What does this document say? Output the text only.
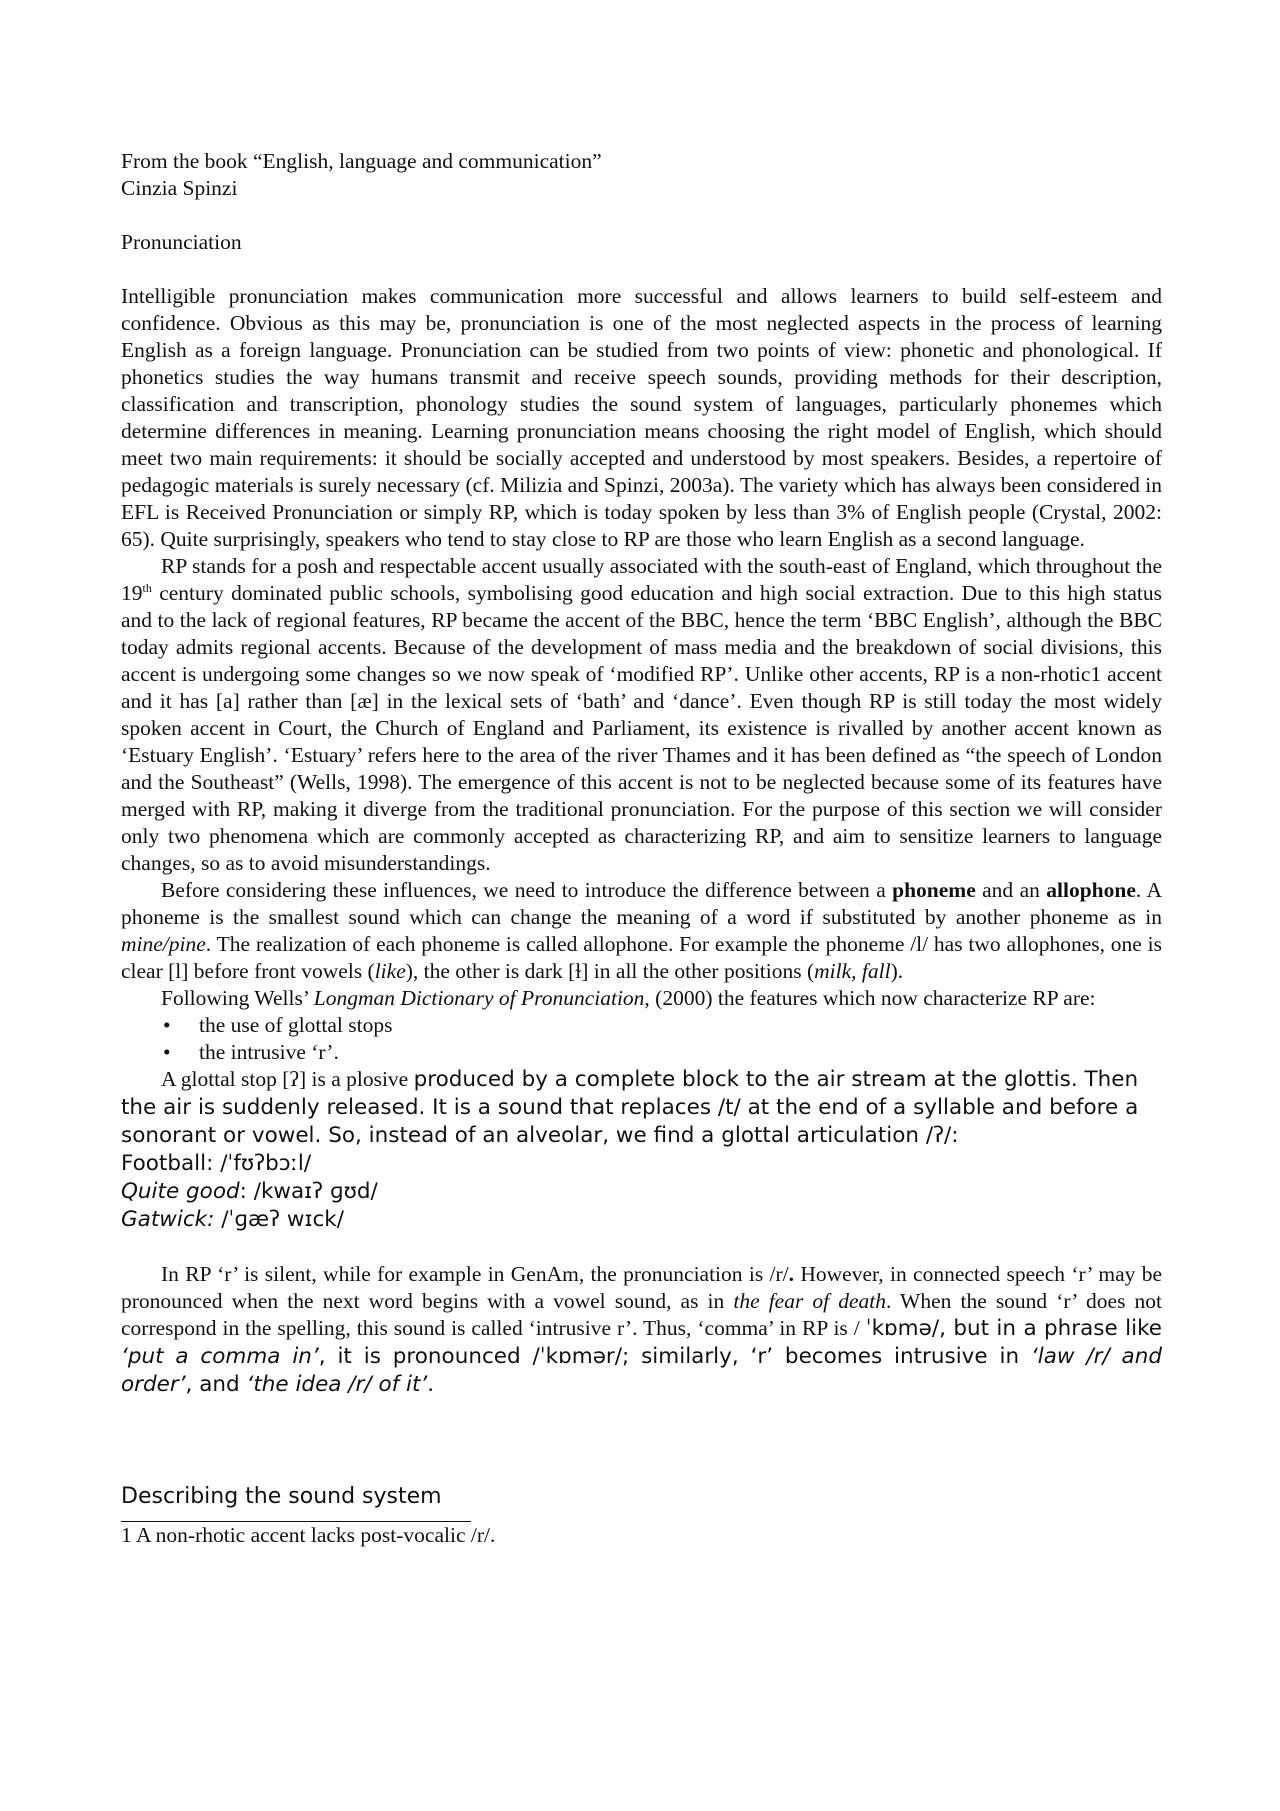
From the book “English, language and communication”

Cinzia Spinzi

Pronunciation

Intelligible pronunciation makes communication more successful and allows learners to build self-esteem and confidence. Obvious as this may be, pronunciation is one of the most neglected aspects in the process of learning English as a foreign language. Pronunciation can be studied from two points of view: phonetic and phonological. If phonetics studies the way humans transmit and receive speech sounds, providing methods for their description, classification and transcription, phonology studies the sound system of languages, particularly phonemes which determine differences in meaning. Learning pronunciation means choosing the right model of English, which should meet two main requirements: it should be socially accepted and understood by most speakers. Besides, a repertoire of pedagogic materials is surely necessary (cf. Milizia and Spinzi, 2003a). The variety which has always been considered in EFL is Received Pronunciation or simply RP, which is today spoken by less than 3% of English people (Crystal, 2002: 65). Quite surprisingly, speakers who tend to stay close to RP are those who learn English as a second language.

RP stands for a posh and respectable accent usually associated with the south-east of England, which throughout the 19th century dominated public schools, symbolising good education and high social extraction. Due to this high status and to the lack of regional features, RP became the accent of the BBC, hence the term ‘BBC English’, although the BBC today admits regional accents. Because of the development of mass media and the breakdown of social divisions, this accent is undergoing some changes so we now speak of ‘modified RP’. Unlike other accents, RP is a non-rhotic1 accent and it has [a] rather than [æ] in the lexical sets of ‘bath’ and ‘dance’. Even though RP is still today the most widely spoken accent in Court, the Church of England and Parliament, its existence is rivalled by another accent known as ‘Estuary English’. ‘Estuary’ refers here to the area of the river Thames and it has been defined as “the speech of London and the Southeast” (Wells, 1998). The emergence of this accent is not to be neglected because some of its features have merged with RP, making it diverge from the traditional pronunciation. For the purpose of this section we will consider only two phenomena which are commonly accepted as characterizing RP, and aim to sensitize learners to language changes, so as to avoid misunderstandings.

Before considering these influences, we need to introduce the difference between a phoneme and an allophone. A phoneme is the smallest sound which can change the meaning of a word if substituted by another phoneme as in mine/pine. The realization of each phoneme is called allophone. For example the phoneme /l/ has two allophones, one is clear [l] before front vowels (like), the other is dark [ɫ] in all the other positions (milk, fall).

Following Wells’ Longman Dictionary of Pronunciation, (2000) the features which now characterize RP are:

• the use of glottal stops
• the intrusive ‘r’.

A glottal stop [ʔ] is a plosive produced by a complete block to the air stream at the glottis. Then the air is suddenly released. It is a sound that replaces /t/ at the end of a syllable and before a sonorant or vowel. So, instead of an alveolar, we find a glottal articulation /ʔ/:

Football: /ˈfʊʔbɔːl/

Quite good: /kwaɪʔ ɡʊd/

Gatwick: /ˈɡæʔ wɪck/

In RP ‘r’ is silent, while for example in GenAm, the pronunciation is /r/. However, in connected speech ‘r’ may be pronounced when the next word begins with a vowel sound, as in the fear of death. When the sound ‘r’ does not correspond in the spelling, this sound is called ‘intrusive r’. Thus, ‘comma’ in RP is / ˈkɒmə/, but in a phrase like ‘put a comma in’, it is pronounced /ˈkɒmər/; similarly, ‘r’ becomes intrusive in ‘law /r/ and order’, and ‘the idea /r/ of it’.

Describing the sound system

1 A non-rhotic accent lacks post-vocalic /r/.
